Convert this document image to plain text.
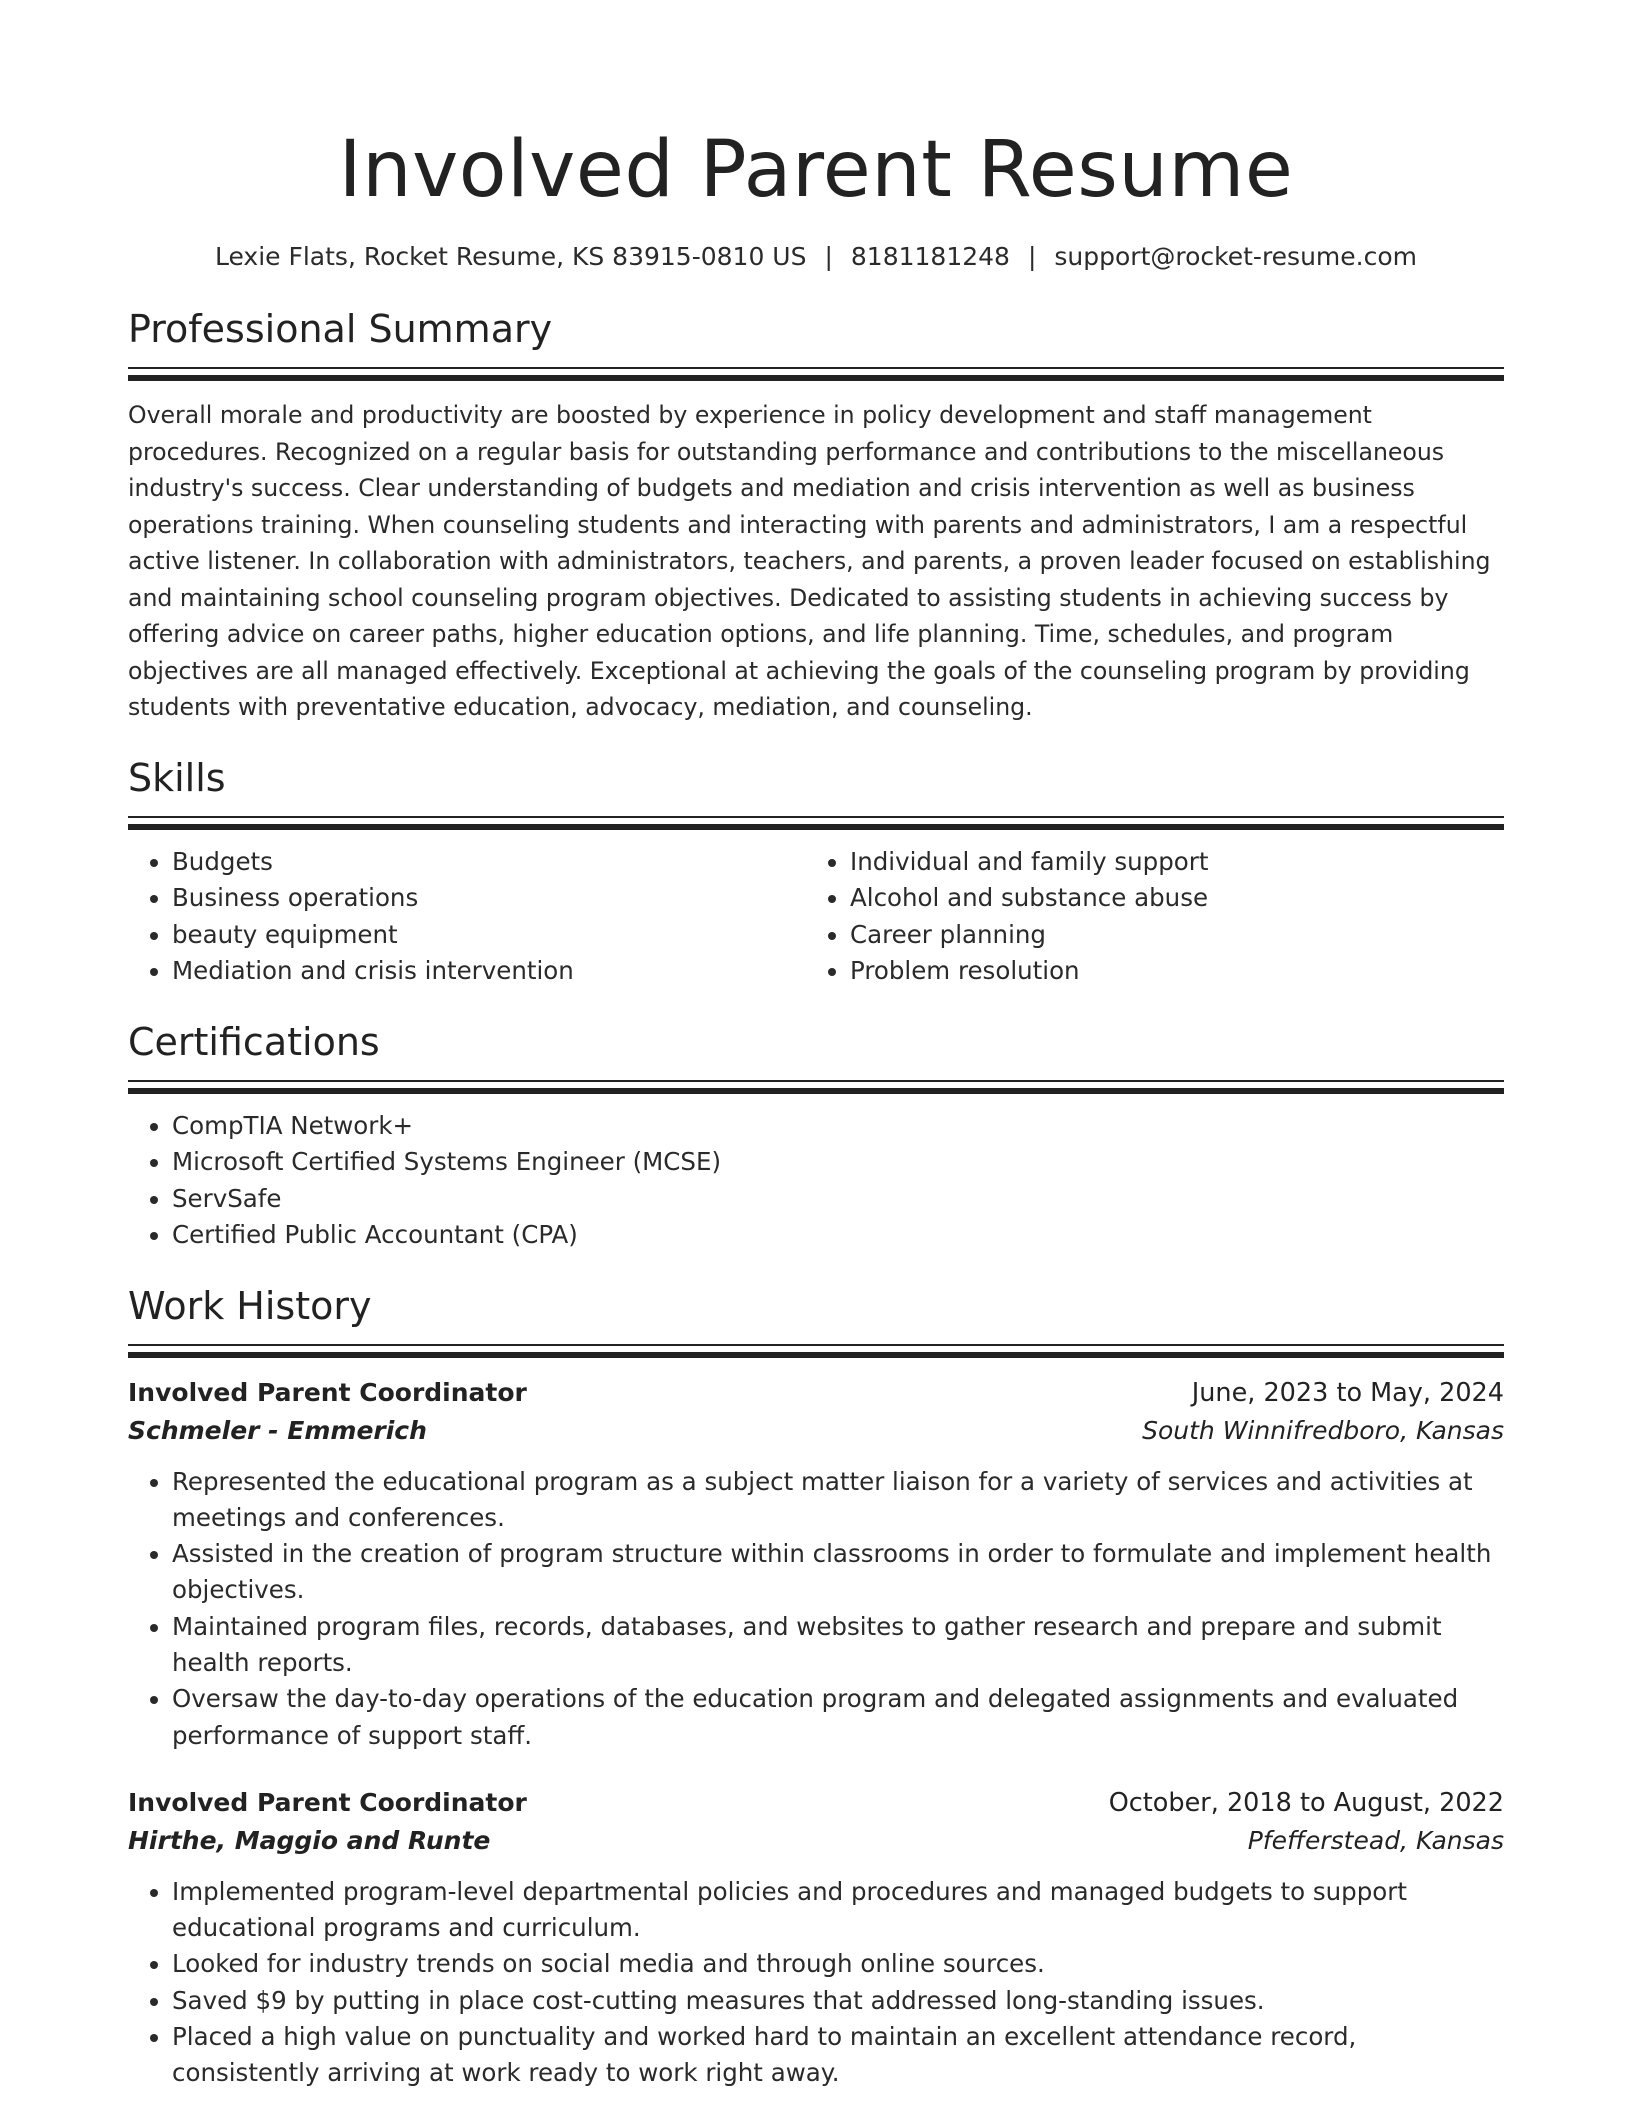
Involved Parent Resume
Lexie Flats, Rocket Resume, KS 83915-0810 US | 8181181248 | support@rocket-resume.com
Professional Summary
Overall morale and productivity are boosted by experience in policy development and staff management procedures. Recognized on a regular basis for outstanding performance and contributions to the miscellaneous industry's success. Clear understanding of budgets and mediation and crisis intervention as well as business operations training. When counseling students and interacting with parents and administrators, I am a respectful active listener. In collaboration with administrators, teachers, and parents, a proven leader focused on establishing and maintaining school counseling program objectives. Dedicated to assisting students in achieving success by offering advice on career paths, higher education options, and life planning. Time, schedules, and program objectives are all managed effectively. Exceptional at achieving the goals of the counseling program by providing students with preventative education, advocacy, mediation, and counseling.
Skills
• Budgets
• Business operations
• beauty equipment
• Mediation and crisis intervention
• Individual and family support
• Alcohol and substance abuse
• Career planning
• Problem resolution
Certifications
• CompTIA Network+
• Microsoft Certified Systems Engineer (MCSE)
• ServSafe
• Certified Public Accountant (CPA)
Work History
Involved Parent Coordinator	June, 2023 to May, 2024
Schmeler - Emmerich	South Winnifredboro, Kansas
• Represented the educational program as a subject matter liaison for a variety of services and activities at meetings and conferences.
• Assisted in the creation of program structure within classrooms in order to formulate and implement health objectives.
• Maintained program files, records, databases, and websites to gather research and prepare and submit health reports.
• Oversaw the day-to-day operations of the education program and delegated assignments and evaluated performance of support staff.
Involved Parent Coordinator	October, 2018 to August, 2022
Hirthe, Maggio and Runte	Pfefferstead, Kansas
• Implemented program-level departmental policies and procedures and managed budgets to support educational programs and curriculum.
• Looked for industry trends on social media and through online sources.
• Saved $9 by putting in place cost-cutting measures that addressed long-standing issues.
• Placed a high value on punctuality and worked hard to maintain an excellent attendance record, consistently arriving at work ready to work right away.
